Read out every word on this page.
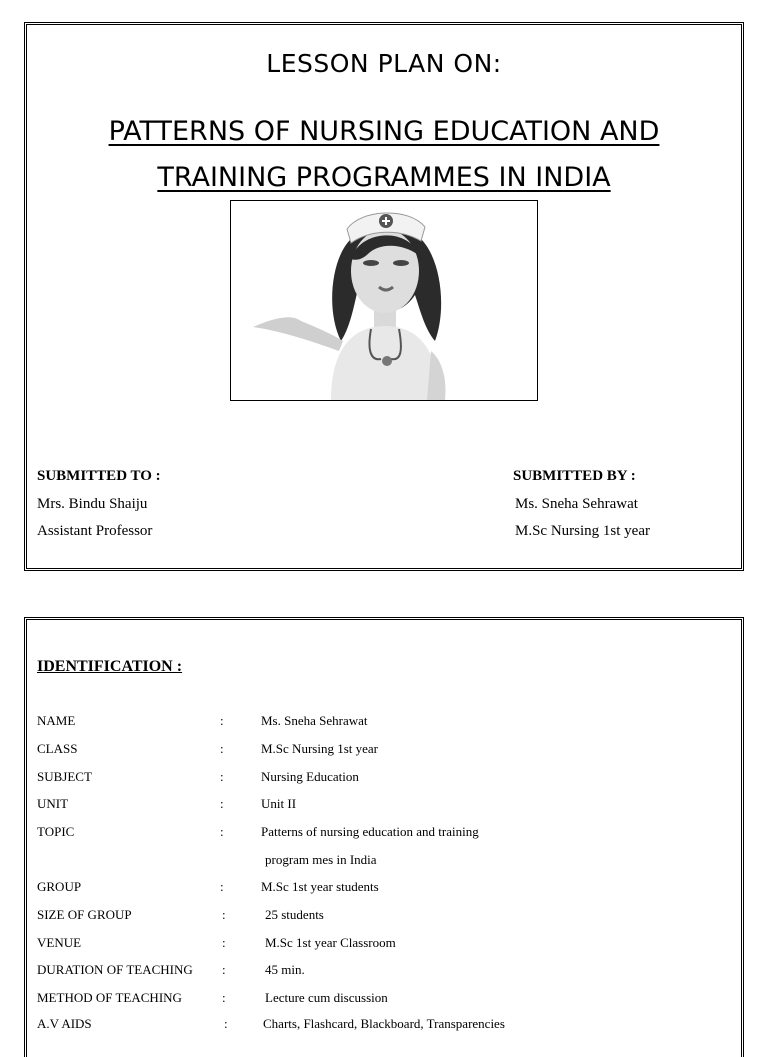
LESSON PLAN ON:
PATTERNS OF NURSING EDUCATION AND
TRAINING PROGRAMMES IN INDIA
SUBMITTED TO :
Mrs. Bindu Shaiju
Assistant Professor
SUBMITTED BY :
Ms. Sneha Sehrawat
M.Sc Nursing 1st year
IDENTIFICATION :
NAME	:	Ms. Sneha Sehrawat
CLASS	:	M.Sc Nursing 1st year
SUBJECT	:	Nursing Education
UNIT	:	Unit II
TOPIC	:	Patterns of nursing education and training
program mes in India
GROUP	:	M.Sc 1st year students
SIZE OF GROUP	:	25 students
VENUE	:	M.Sc 1st year Classroom
DURATION OF TEACHING :	45 min.
METHOD OF TEACHING	:	Lecture cum discussion
A.V AIDS	:	Charts, Flashcard, Blackboard, Transparencies
